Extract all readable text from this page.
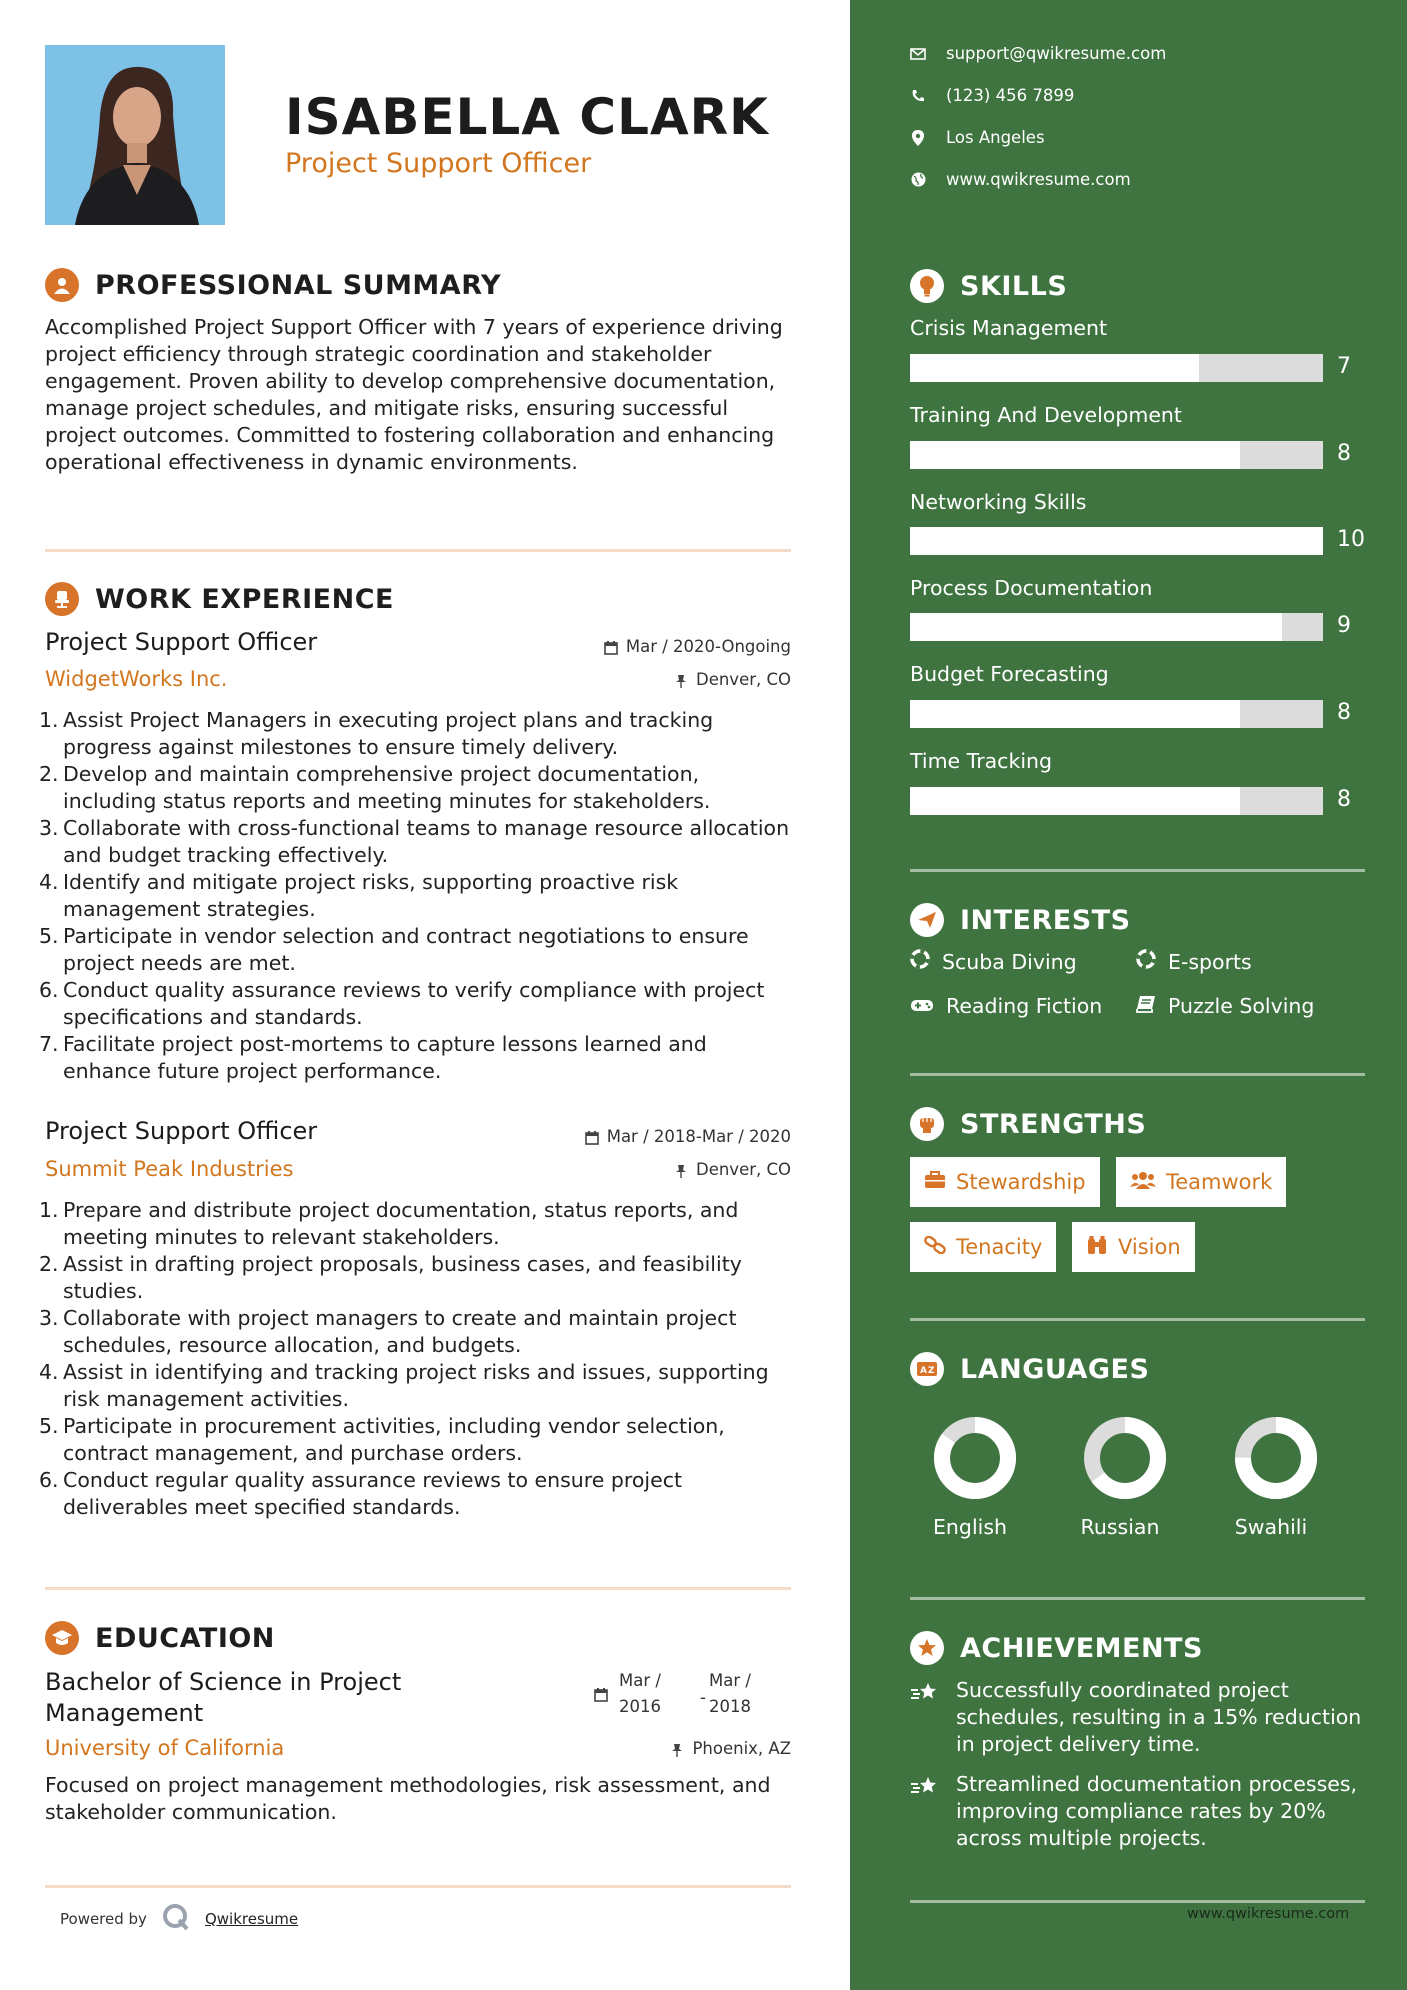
ISABELLA CLARK
Project Support Officer
PROFESSIONAL SUMMARY
Accomplished Project Support Officer with 7 years of experience driving project efficiency through strategic coordination and stakeholder engagement. Proven ability to develop comprehensive documentation, manage project schedules, and mitigate risks, ensuring successful project outcomes. Committed to fostering collaboration and enhancing operational effectiveness in dynamic environments.
WORK EXPERIENCE
Project Support Officer	Mar / 2020-Ongoing
WidgetWorks Inc.	Denver, CO
1. Assist Project Managers in executing project plans and tracking progress against milestones to ensure timely delivery.
2. Develop and maintain comprehensive project documentation, including status reports and meeting minutes for stakeholders.
3. Collaborate with cross-functional teams to manage resource allocation and budget tracking effectively.
4. Identify and mitigate project risks, supporting proactive risk management strategies.
5. Participate in vendor selection and contract negotiations to ensure project needs are met.
6. Conduct quality assurance reviews to verify compliance with project specifications and standards.
7. Facilitate project post-mortems to capture lessons learned and enhance future project performance.
Project Support Officer	Mar / 2018-Mar / 2020
Summit Peak Industries	Denver, CO
1. Prepare and distribute project documentation, status reports, and meeting minutes to relevant stakeholders.
2. Assist in drafting project proposals, business cases, and feasibility studies.
3. Collaborate with project managers to create and maintain project schedules, resource allocation, and budgets.
4. Assist in identifying and tracking project risks and issues, supporting risk management activities.
5. Participate in procurement activities, including vendor selection, contract management, and purchase orders.
6. Conduct regular quality assurance reviews to ensure project deliverables meet specified standards.
EDUCATION
Bachelor of Science in Project
Management
Mar /
2016 -
Mar /
2018
University of California	Phoenix, AZ
Focused on project management methodologies, risk assessment, and stakeholder communication.
Powered by	Qwikresume
support@qwikresume.com
(123) 456 7899
Los Angeles
www.qwikresume.com
SKILLS
Crisis Management
7
Training And Development
8
Networking Skills
10
Process Documentation
9
Budget Forecasting
8
Time Tracking
8
INTERESTS
Scuba Diving	E-sports
Reading Fiction	Puzzle Solving
STRENGTHS
Stewardship	Teamwork
Tenacity	Vision
A Z LANGUAGES
English	Russian	Swahili
ACHIEVEMENTS
Successfully coordinated project schedules, resulting in a 15% reduction in project delivery time.
Streamlined documentation processes, improving compliance rates by 20% across multiple projects.
www.qwikresume.com
